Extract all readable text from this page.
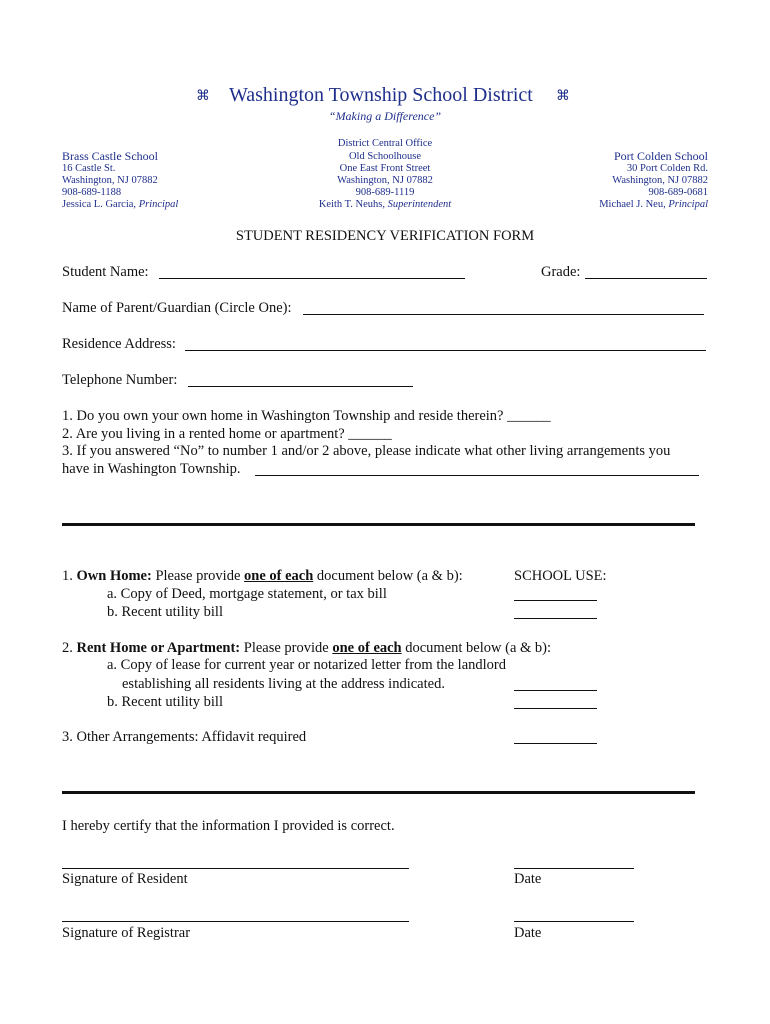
⌘ Washington Township School District ⌘
“Making a Difference”
Brass Castle School
16 Castle St.
Washington, NJ 07882
908-689-1188
Jessica L. Garcia, Principal
District Central Office
Old Schoolhouse
One East Front Street
Washington, NJ 07882
908-689-1119
Keith T. Neuhs, Superintendent
Port Colden School
30 Port Colden Rd.
Washington, NJ 07882
908-689-0681
Michael J. Neu, Principal
STUDENT RESIDENCY VERIFICATION FORM
Student Name:	Grade:
Name of Parent/Guardian (Circle One):
Residence Address:
Telephone Number:
1. Do you own your own home in Washington Township and reside therein? ______
2. Are you living in a rented home or apartment? ______
3. If you answered “No” to number 1 and/or 2 above, please indicate what other living arrangements you
have in Washington Township.
1. Own Home: Please provide one of each document below (a & b):	SCHOOL USE:
a. Copy of Deed, mortgage statement, or tax bill
b. Recent utility bill
2. Rent Home or Apartment: Please provide one of each document below (a & b):
a. Copy of lease for current year or notarized letter from the landlord
establishing all residents living at the address indicated.
b. Recent utility bill
3. Other Arrangements: Affidavit required
I hereby certify that the information I provided is correct.
Signature of Resident	Date
Signature of Registrar	Date
